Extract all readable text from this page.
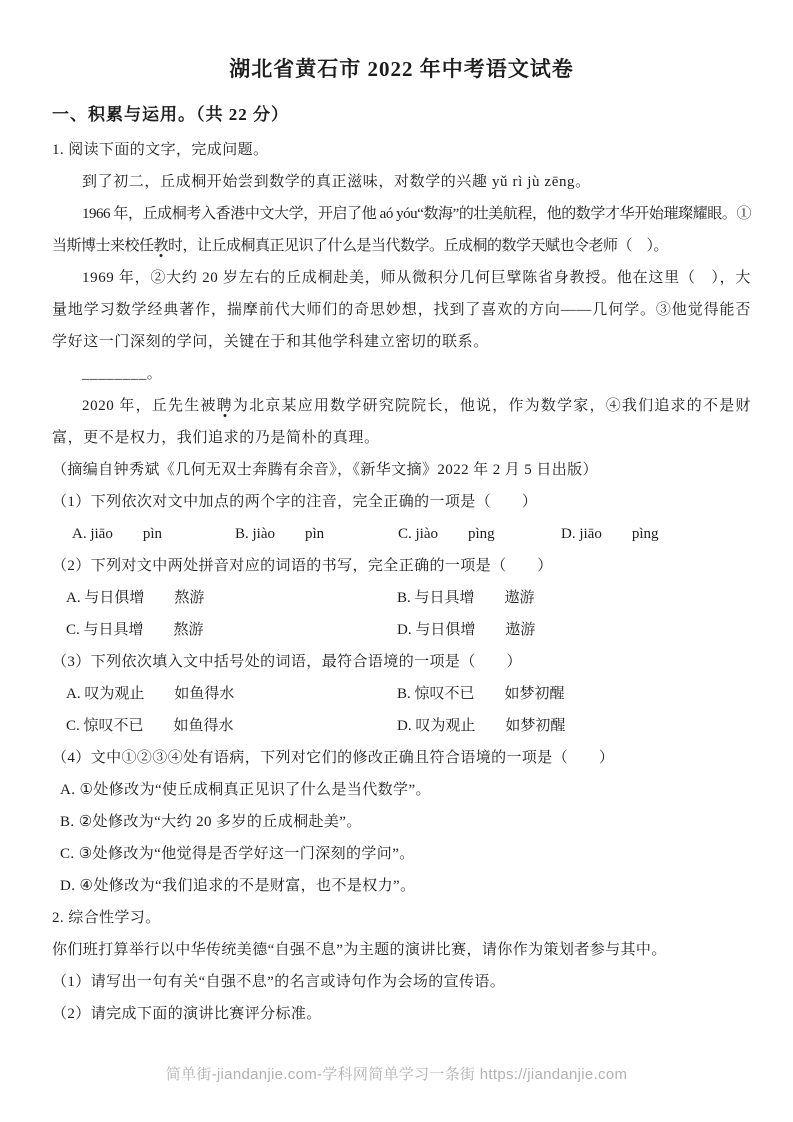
湖北省黄石市 2022 年中考语文试卷
一、积累与运用。（共 22 分）

1. 阅读下面的文字，完成问题。

到了初二，丘成桐开始尝到数学的真正滋味，对数学的兴趣 yǔ rì jù zēng。

1966 年，丘成桐考入香港中文大学，开启了他 aó yóu“数海”的壮美航程，他的数学才华开始璀璨耀眼。①当斯博士来校任教时，让丘成桐真正见识了什么是当代数学。丘成桐的数学天赋也令老师（　）。

1969 年，②大约 20 岁左右的丘成桐赴美，师从微积分几何巨擘陈省身教授。他在这里（　），大量地学习数学经典著作，揣摩前代大师们的奇思妙想，找到了喜欢的方向——几何学。③他觉得能否学好这一门深刻的学问，关键在于和其他学科建立密切的联系。

________。

2020 年，丘先生被聘为北京某应用数学研究院院长，他说，作为数学家，④我们追求的不是财富，更不是权力，我们追求的乃是简朴的真理。

（摘编自钟秀斌《几何无双士奔腾有余音》，《新华文摘》2022 年 2 月 5 日出版）

（1）下列依次对文中加点的两个字的注音，完全正确的一项是（　　）

A. jiāo　　pìn	B. jiào　　pìn	C. jiào　　pìng	D. jiāo　　pìng

（2）下列对文中两处拼音对应的词语的书写，完全正确的一项是（　　）

A. 与日俱增　　熬游	B. 与日具增　　遨游
C. 与日具增　　熬游	D. 与日俱增　　遨游

（3）下列依次填入文中括号处的词语，最符合语境的一项是（　　）

A. 叹为观止　　如鱼得水	B. 惊叹不已　　如梦初醒
C. 惊叹不已　　如鱼得水	D. 叹为观止　　如梦初醒

（4）文中①②③④处有语病，下列对它们的修改正确且符合语境的一项是（　　）

A. ①处修改为“使丘成桐真正见识了什么是当代数学”。

B. ②处修改为“大约 20 多岁的丘成桐赴美”。

C. ③处修改为“他觉得是否学好这一门深刻的学问”。

D. ④处修改为“我们追求的不是财富，也不是权力”。

2. 综合性学习。

你们班打算举行以中华传统美德“自强不息”为主题的演讲比赛，请你作为策划者参与其中。

（1）请写出一句有关“自强不息”的名言或诗句作为会场的宣传语。

（2）请完成下面的演讲比赛评分标准。

简单街-jiandanjie.com-学科网简单学习一条街 https://jiandanjie.com
